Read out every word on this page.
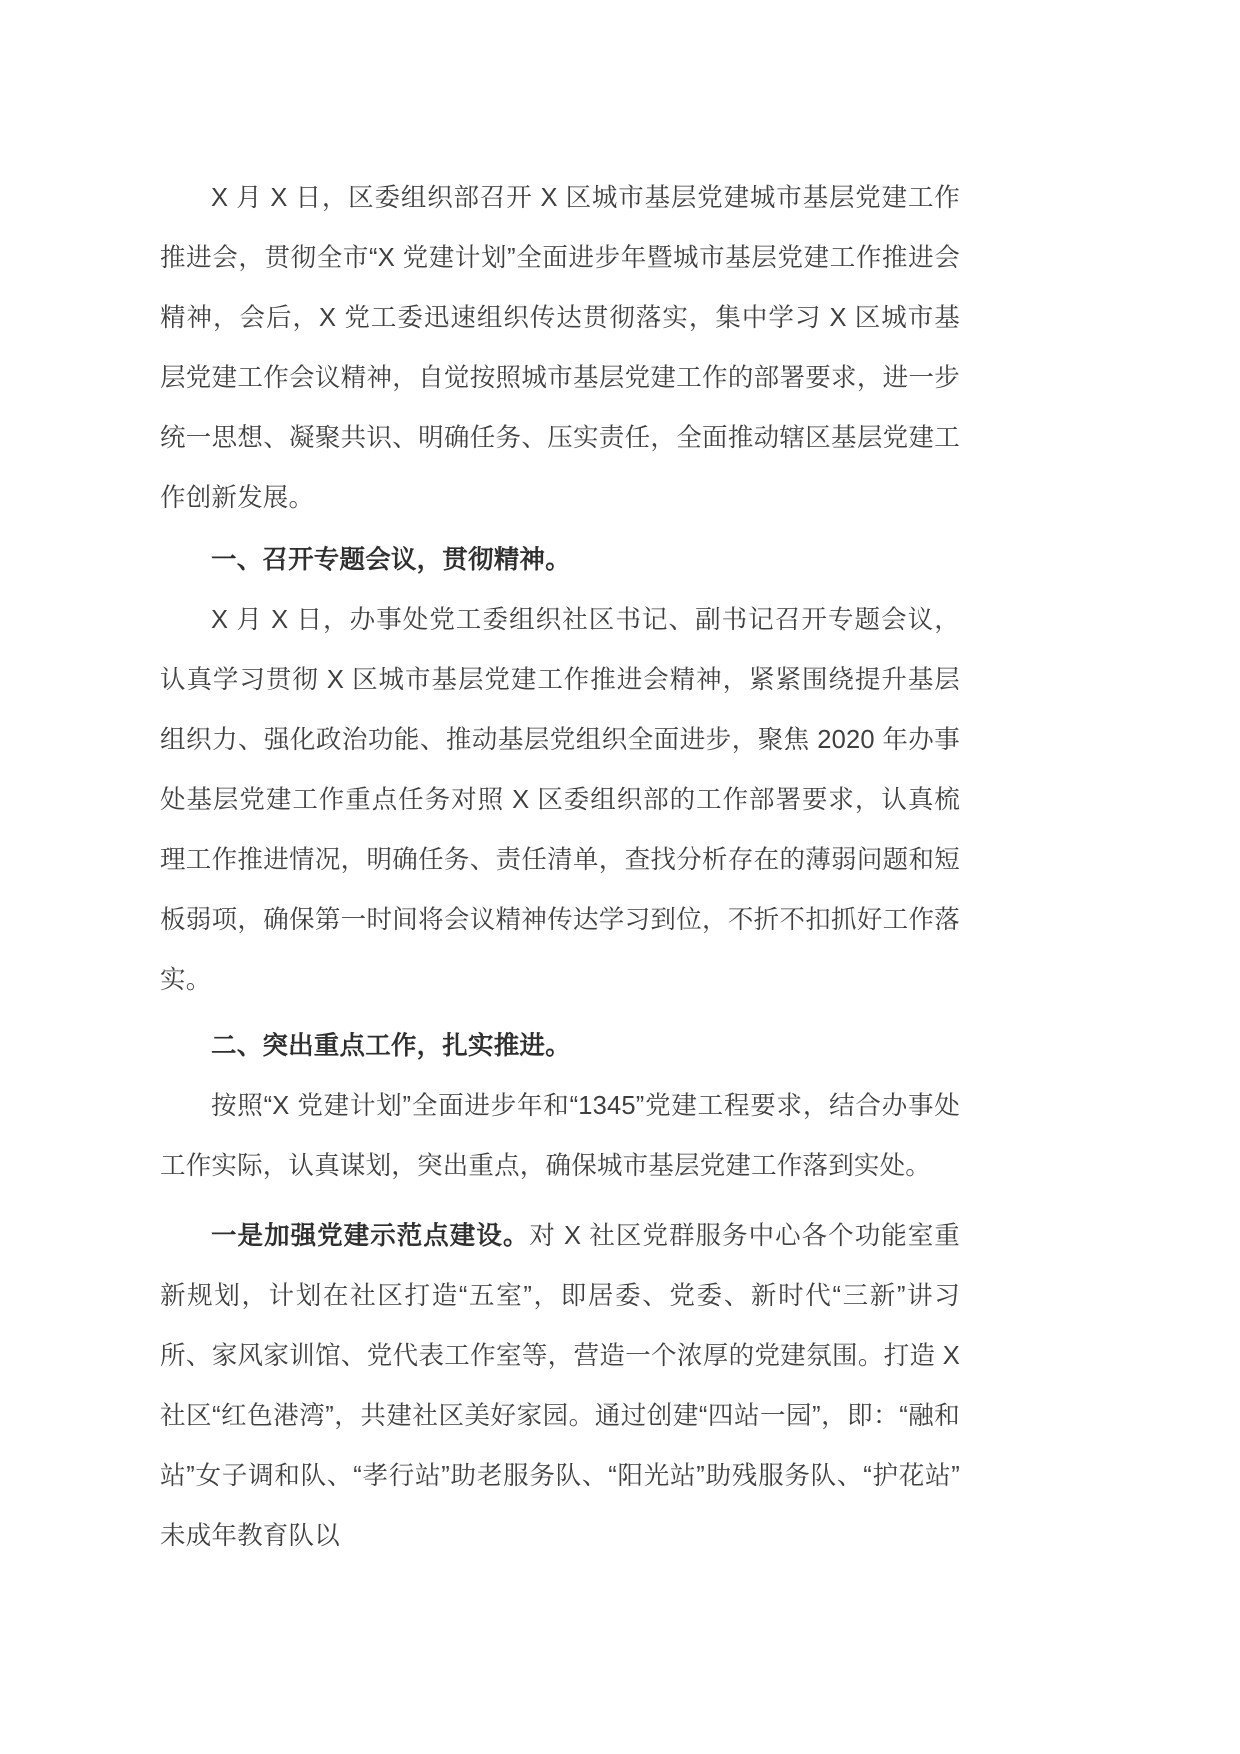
X 月 X 日，区委组织部召开 X 区城市基层党建城市基层党建工作推进会，贯彻全市“X 党建计划”全面进步年暨城市基层党建工作推进会精神，会后，X 党工委迅速组织传达贯彻落实，集中学习 X 区城市基层党建工作会议精神，自觉按照城市基层党建工作的部署要求，进一步统一思想、凝聚共识、明确任务、压实责任，全面推动辖区基层党建工作创新发展。

一、召开专题会议，贯彻精神。

X 月 X 日，办事处党工委组织社区书记、副书记召开专题会议，认真学习贯彻 X 区城市基层党建工作推进会精神，紧紧围绕提升基层组织力、强化政治功能、推动基层党组织全面进步，聚焦 2020 年办事处基层党建工作重点任务对照 X 区委组织部的工作部署要求，认真梳理工作推进情况，明确任务、责任清单，查找分析存在的薄弱问题和短板弱项，确保第一时间将会议精神传达学习到位，不折不扣抓好工作落实。

二、突出重点工作，扎实推进。

按照“X 党建计划”全面进步年和“1345”党建工程要求，结合办事处工作实际，认真谋划，突出重点，确保城市基层党建工作落到实处。

一是加强党建示范点建设。对 X 社区党群服务中心各个功能室重新规划，计划在社区打造“五室”，即居委、党委、新时代“三新”讲习所、家风家训馆、党代表工作室等，营造一个浓厚的党建氛围。打造 X 社区“红色港湾”，共建社区美好家园。通过创建“四站一园”，即：“融和站”女子调和队、“孝行站”助老服务队、“阳光站”助残服务队、“护花站”未成年教育队以
